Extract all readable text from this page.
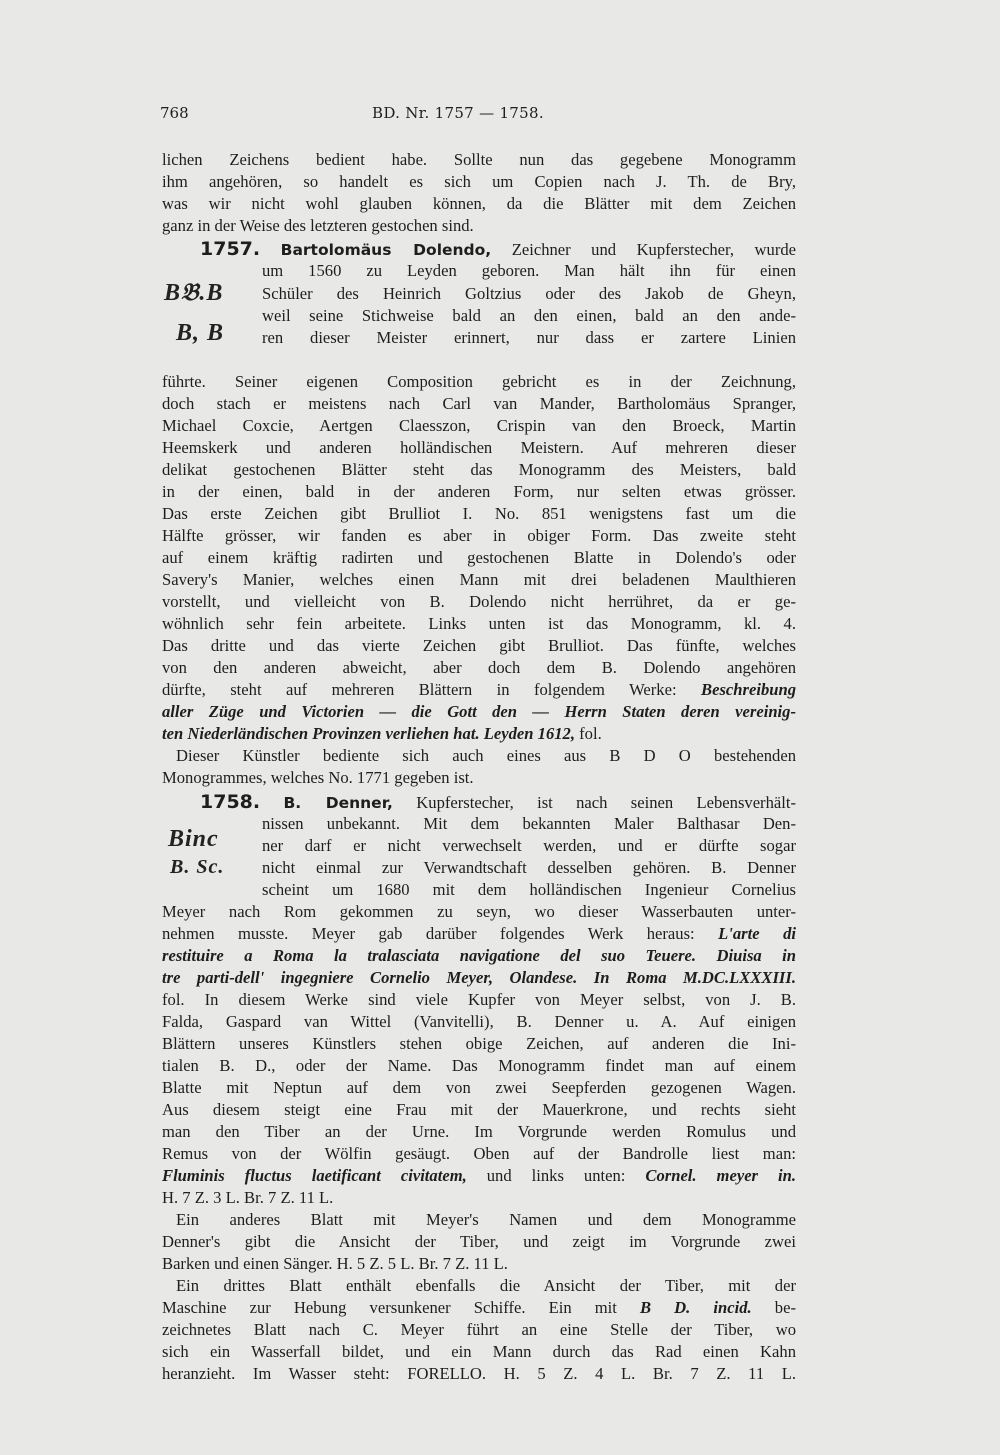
768	BD. Nr. 1757 — 1758.
lichen Zeichens bedient habe. Sollte nun das gegebene Monogramm
ihm angehören, so handelt es sich um Copien nach J. Th. de Bry,
was wir nicht wohl glauben können, da die Blätter mit dem Zeichen
ganz in der Weise des letzteren gestochen sind.
1757. Bartolomäus Dolendo, Zeichner und Kupferstecher, wurde
B𝔅.B
B, B
um 1560 zu Leyden geboren. Man hält ihn für einen
Schüler des Heinrich Goltzius oder des Jakob de Gheyn,
weil seine Stichweise bald an den einen, bald an den ande-
ren dieser Meister erinnert, nur dass er zartere Linien
führte. Seiner eigenen Composition gebricht es in der Zeichnung,
doch stach er meistens nach Carl van Mander, Bartholomäus Spranger,
Michael Coxcie, Aertgen Claesszon, Crispin van den Broeck, Martin
Heemskerk und anderen holländischen Meistern. Auf mehreren dieser
delikat gestochenen Blätter steht das Monogramm des Meisters, bald
in der einen, bald in der anderen Form, nur selten etwas grösser.
Das erste Zeichen gibt Brulliot I. No. 851 wenigstens fast um die
Hälfte grösser, wir fanden es aber in obiger Form. Das zweite steht
auf einem kräftig radirten und gestochenen Blatte in Dolendo's oder
Savery's Manier, welches einen Mann mit drei beladenen Maulthieren
vorstellt, und vielleicht von B. Dolendo nicht herrühret, da er ge-
wöhnlich sehr fein arbeitete. Links unten ist das Monogramm, kl. 4.
Das dritte und das vierte Zeichen gibt Brulliot. Das fünfte, welches
von den anderen abweicht, aber doch dem B. Dolendo angehören
dürfte, steht auf mehreren Blättern in folgendem Werke: Beschreibung
aller Züge und Victorien — die Gott den — Herrn Staten deren vereinig-
ten Niederländischen Provinzen verliehen hat. Leyden 1612, fol.
Dieser Künstler bediente sich auch eines aus B D O bestehenden
Monogrammes, welches No. 1771 gegeben ist.
1758. B. Denner, Kupferstecher, ist nach seinen Lebensverhält-
Binc
B. Sc.
nissen unbekannt. Mit dem bekannten Maler Balthasar Den-
ner darf er nicht verwechselt werden, und er dürfte sogar
nicht einmal zur Verwandtschaft desselben gehören. B. Denner
scheint um 1680 mit dem holländischen Ingenieur Cornelius
Meyer nach Rom gekommen zu seyn, wo dieser Wasserbauten unter-
nehmen musste. Meyer gab darüber folgendes Werk heraus: L'arte di
restituire a Roma la tralasciata navigatione del suo Teuere. Diuisa in
tre parti-dell' ingegniere Cornelio Meyer, Olandese. In Roma M.DC.LXXXIII.
fol. In diesem Werke sind viele Kupfer von Meyer selbst, von J. B.
Falda, Gaspard van Wittel (Vanvitelli), B. Denner u. A. Auf einigen
Blättern unseres Künstlers stehen obige Zeichen, auf anderen die Ini-
tialen B. D., oder der Name. Das Monogramm findet man auf einem
Blatte mit Neptun auf dem von zwei Seepferden gezogenen Wagen.
Aus diesem steigt eine Frau mit der Mauerkrone, und rechts sieht
man den Tiber an der Urne. Im Vorgrunde werden Romulus und
Remus von der Wölfin gesäugt. Oben auf der Bandrolle liest man:
Fluminis fluctus laetificant civitatem, und links unten: Cornel. meyer in.
H. 7 Z. 3 L. Br. 7 Z. 11 L.
Ein anderes Blatt mit Meyer's Namen und dem Monogramme
Denner's gibt die Ansicht der Tiber, und zeigt im Vorgrunde zwei
Barken und einen Sänger. H. 5 Z. 5 L. Br. 7 Z. 11 L.
Ein drittes Blatt enthält ebenfalls die Ansicht der Tiber, mit der
Maschine zur Hebung versunkener Schiffe. Ein mit B D. incid. be-
zeichnetes Blatt nach C. Meyer führt an eine Stelle der Tiber, wo
sich ein Wasserfall bildet, und ein Mann durch das Rad einen Kahn
heranzieht. Im Wasser steht: FORELLO. H. 5 Z. 4 L. Br. 7 Z. 11 L.
